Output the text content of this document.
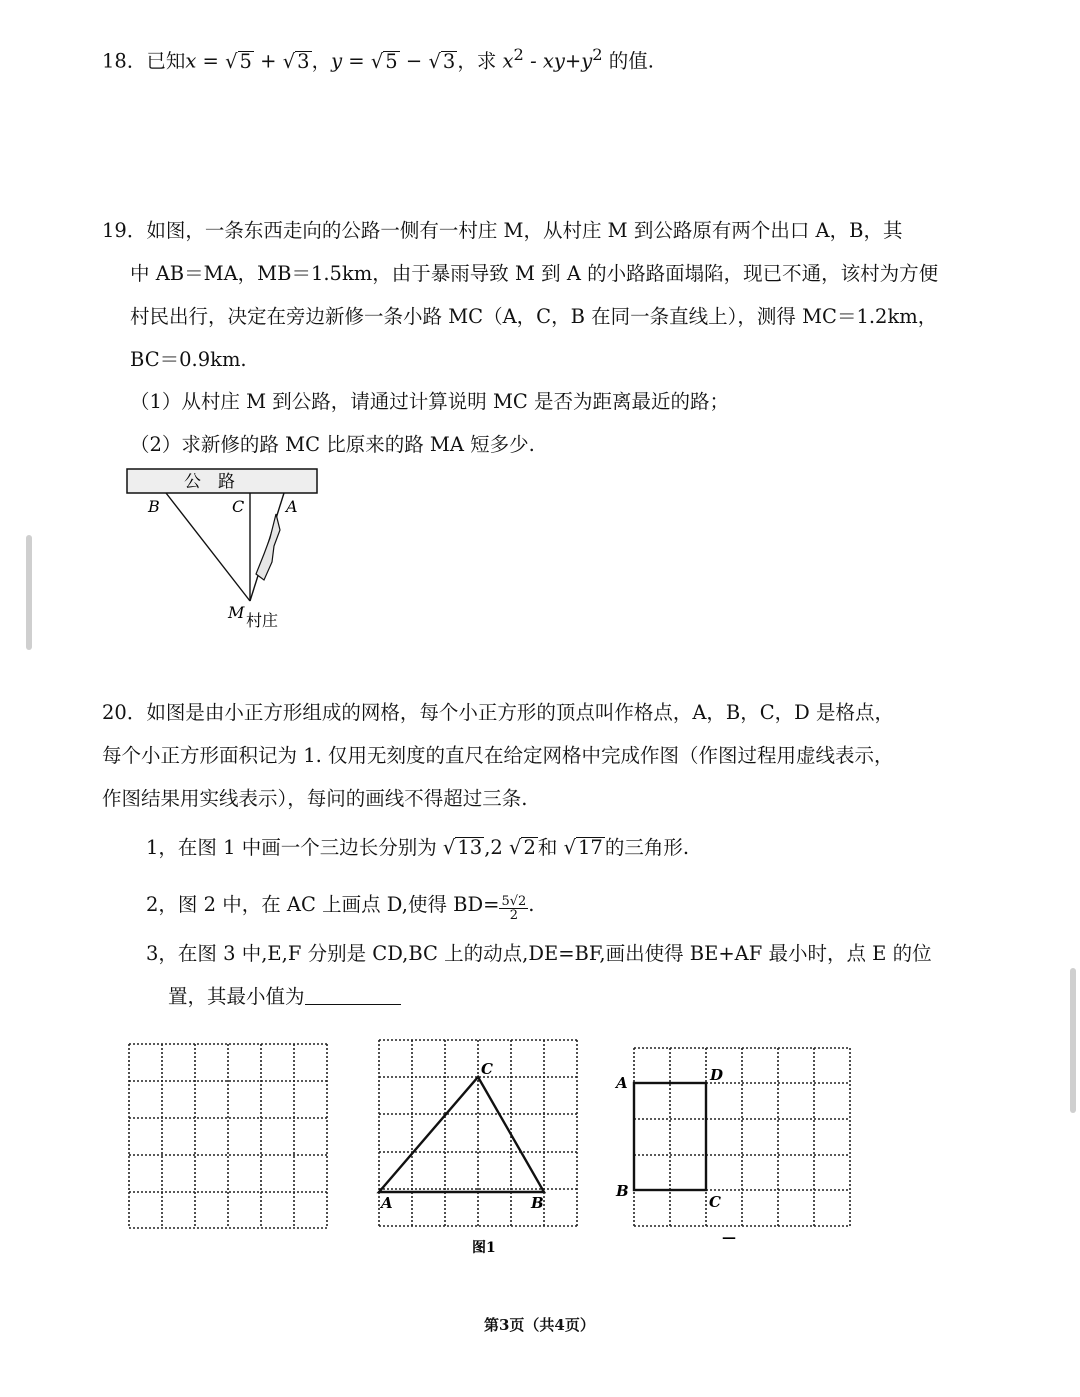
18．已知x = √ 5 + √ 3 ，y = √ 5 − √ 3 ，求 $x^2 - xy+y^2$ 的值.
19．如图，一条东西走向的公路一侧有一村庄 M，从村庄 M 到公路原有两个出口 A，B，其
中 AB＝MA，MB＝1.5km，由于暴雨导致 M 到 A 的小路路面塌陷，现已不通，该村为方便
村民出行，决定在旁边新修一条小路 MC（A，C，B 在同一条直线上），测得 MC＝1.2km，
BC＝0.9km.
（1）从村庄 M 到公路，请通过计算说明 MC 是否为距离最近的路；
（2）求新修的路 MC 比原来的路 MA 短多少.
公　路
B	C	A
M 村庄
20．如图是由小正方形组成的网格，每个小正方形的顶点叫作格点，A，B，C，D 是格点，
每个小正方形面积记为 1. 仅用无刻度的直尺在给定网格中完成作图（作图过程用虚线表示，
作图结果用实线表示），每问的画线不得超过三条.
1，在图 1 中画一个三边长分别为 √ 13 ,2 √ 2 和 √ 17 的三角形.
2，图 2 中，在 AC 上画点 D,使得 $BD= \frac{5√2}{2}$ .
3，在图 3 中,E,F 分别是 CD,BC 上的动点,DE=BF,画出使得 BE+AF 最小时，点 E 的位
置，其最小值为
C
A	B
图1
A	D
B
C
—
第3页（共4页）
